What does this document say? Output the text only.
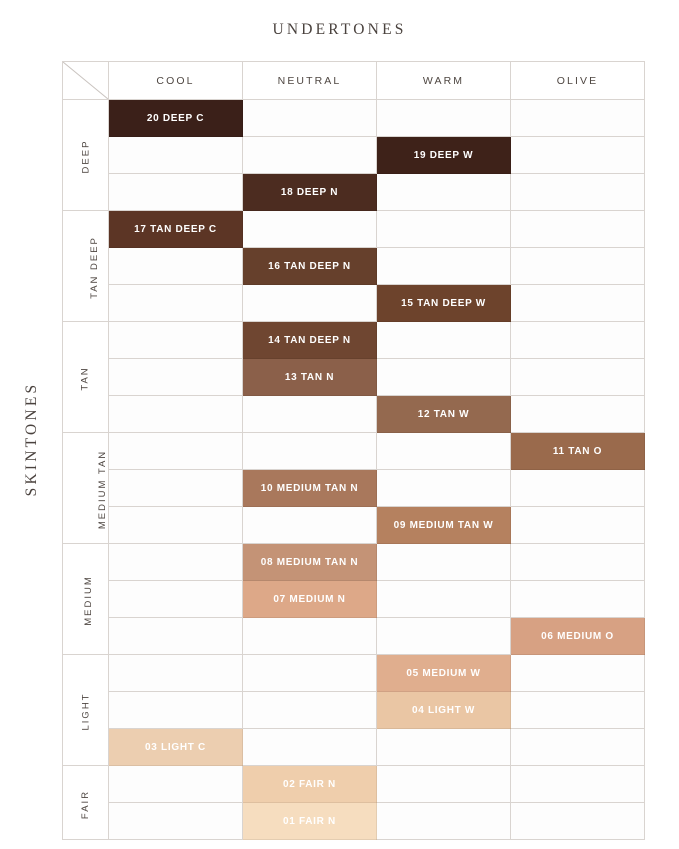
UNDERTONES
SKINTONES
	COOL	NEUTRAL	WARM	OLIVE
DEEP	20 DEEP C			
			19 DEEP W	
		18 DEEP N		
TAN DEEP	17 TAN DEEP C			
		16 TAN DEEP N		
			15 TAN DEEP W	
TAN		14 TAN DEEP N		
		13 TAN N		
			12 TAN W	
MEDIUM TAN				11 TAN O
		10 MEDIUM TAN N		
			09 MEDIUM TAN W	
MEDIUM		08 MEDIUM TAN N		
		07 MEDIUM N		
				06 MEDIUM O
LIGHT			05 MEDIUM W	
			04 LIGHT W	
	03 LIGHT C			
FAIR		02 FAIR N		
		01 FAIR N		
